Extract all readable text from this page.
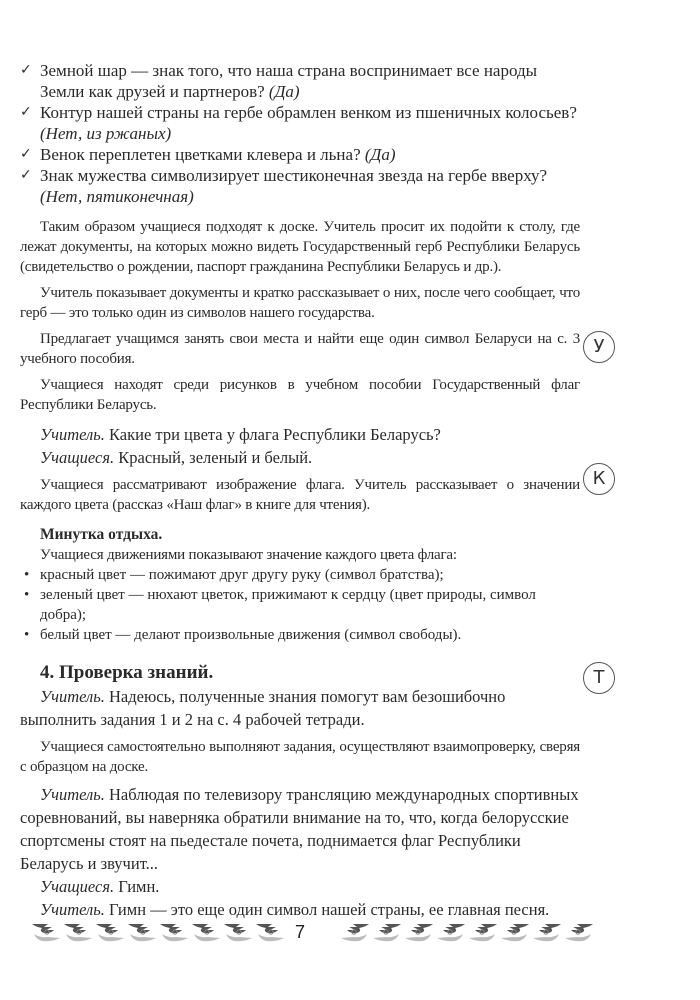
✓ Земной шар — знак того, что наша страна воспринимает все народы Земли как друзей и партнеров? (Да)
✓ Контур нашей страны на гербе обрамлен венком из пшеничных колосьев? (Нет, из ржаных)
✓ Венок переплетен цветками клевера и льна? (Да)
✓ Знак мужества символизирует шестиконечная звезда на гербе вверху? (Нет, пятиконечная)

Таким образом учащиеся подходят к доске. Учитель просит их подойти к столу, где лежат документы, на которых можно видеть Государственный герб Республики Беларусь (свидетельство о рождении, паспорт гражданина Республики Беларусь и др.).

Учитель показывает документы и кратко рассказывает о них, после чего сообщает, что герб — это только один из символов нашего государства.

Предлагает учащимся занять свои места и найти еще один символ Беларуси на с. 3 учебного пособия.

Учащиеся находят среди рисунков в учебном пособии Государственный флаг Республики Беларусь.

Учитель. Какие три цвета у флага Республики Беларусь?

Учащиеся. Красный, зеленый и белый.

Учащиеся рассматривают изображение флага. Учитель рассказывает о значении каждого цвета (рассказ «Наш флаг» в книге для чтения).

Минутка отдыха.

Учащиеся движениями показывают значение каждого цвета флага:

• красный цвет — пожимают друг другу руку (символ братства);
• зеленый цвет — нюхают цветок, прижимают к сердцу (цвет природы, символ добра);
• белый цвет — делают произвольные движения (символ свободы).
4. Проверка знаний.

Учитель. Надеюсь, полученные знания помогут вам безошибочно выполнить задания 1 и 2 на с. 4 рабочей тетради.

Учащиеся самостоятельно выполняют задания, осуществляют взаимопроверку, сверяя с образцом на доске.

Учитель. Наблюдая по телевизору трансляцию международных спортивных соревнований, вы наверняка обратили внимание на то, что, когда белорусские спортсмены стоят на пьедестале почета, поднимается флаг Республики Беларусь и звучит...

Учащиеся. Гимн.

Учитель. Гимн — это еще один символ нашей страны, ее главная песня.

У
К
Т
7
